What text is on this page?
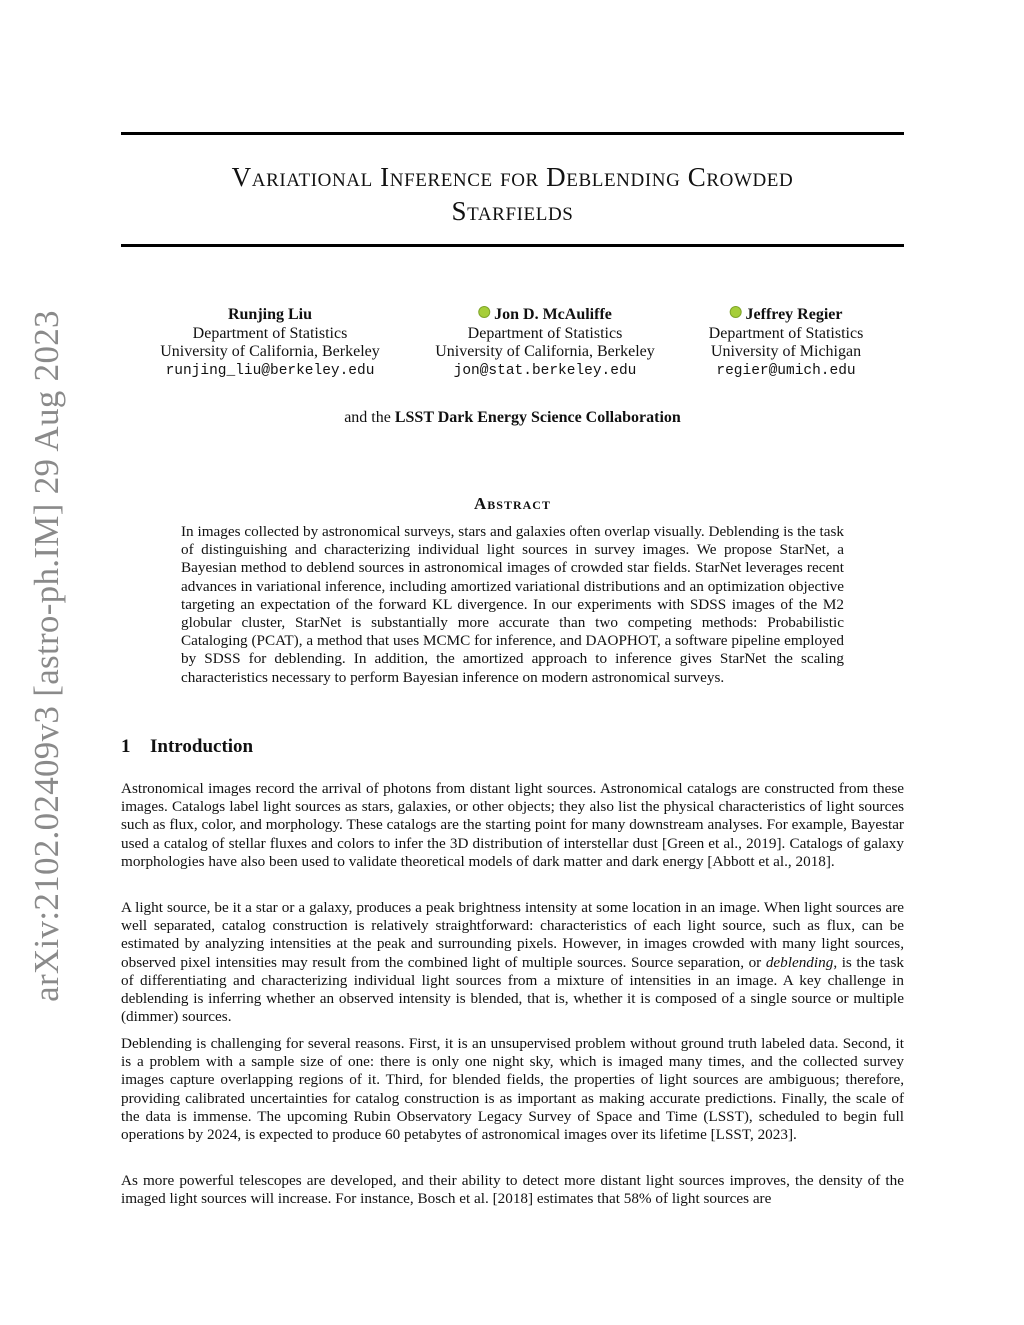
arXiv:2102.02409v3 [astro-ph.IM] 29 Aug 2023
Variational Inference for Deblending Crowded
Starfields
Runjing Liu
Department of Statistics
University of California, Berkeley
runjing_liu@berkeley.edu
Jon D. McAuliffe
Department of Statistics
University of California, Berkeley
jon@stat.berkeley.edu
Jeffrey Regier
Department of Statistics
University of Michigan
regier@umich.edu
and the LSST Dark Energy Science Collaboration
Abstract

In images collected by astronomical surveys, stars and galaxies often overlap visually. Deblending is the task of distinguishing and characterizing individual light sources in survey images. We propose StarNet, a Bayesian method to deblend sources in astronomical images of crowded star fields. StarNet leverages recent advances in variational inference, including amortized variational distributions and an optimization objective targeting an expectation of the forward KL divergence. In our experiments with SDSS images of the M2 globular cluster, StarNet is substantially more accurate than two competing methods: Probabilistic Cataloging (PCAT), a method that uses MCMC for inference, and DAOPHOT, a software pipeline employed by SDSS for deblending. In addition, the amortized approach to inference gives StarNet the scaling characteristics necessary to perform Bayesian inference on modern astronomical surveys.

1 Introduction

Astronomical images record the arrival of photons from distant light sources. Astronomical catalogs are constructed from these images. Catalogs label light sources as stars, galaxies, or other objects; they also list the physical characteristics of light sources such as flux, color, and morphology. These catalogs are the starting point for many downstream analyses. For example, Bayestar used a catalog of stellar fluxes and colors to infer the 3D distribution of interstellar dust [Green et al., 2019]. Catalogs of galaxy morphologies have also been used to validate theoretical models of dark matter and dark energy [Abbott et al., 2018].

A light source, be it a star or a galaxy, produces a peak brightness intensity at some location in an image. When light sources are well separated, catalog construction is relatively straightforward: characteristics of each light source, such as flux, can be estimated by analyzing intensities at the peak and surrounding pixels. However, in images crowded with many light sources, observed pixel intensities may result from the combined light of multiple sources. Source separation, or deblending, is the task of differentiating and characterizing individual light sources from a mixture of intensities in an image. A key challenge in deblending is inferring whether an observed intensity is blended, that is, whether it is composed of a single source or multiple (dimmer) sources.

Deblending is challenging for several reasons. First, it is an unsupervised problem without ground truth labeled data. Second, it is a problem with a sample size of one: there is only one night sky, which is imaged many times, and the collected survey images capture overlapping regions of it. Third, for blended fields, the properties of light sources are ambiguous; therefore, providing calibrated uncertainties for catalog construction is as important as making accurate predictions. Finally, the scale of the data is immense. The upcoming Rubin Observatory Legacy Survey of Space and Time (LSST), scheduled to begin full operations by 2024, is expected to produce 60 petabytes of astronomical images over its lifetime [LSST, 2023].

As more powerful telescopes are developed, and their ability to detect more distant light sources improves, the density of the imaged light sources will increase. For instance, Bosch et al. [2018] estimates that 58% of light sources are
